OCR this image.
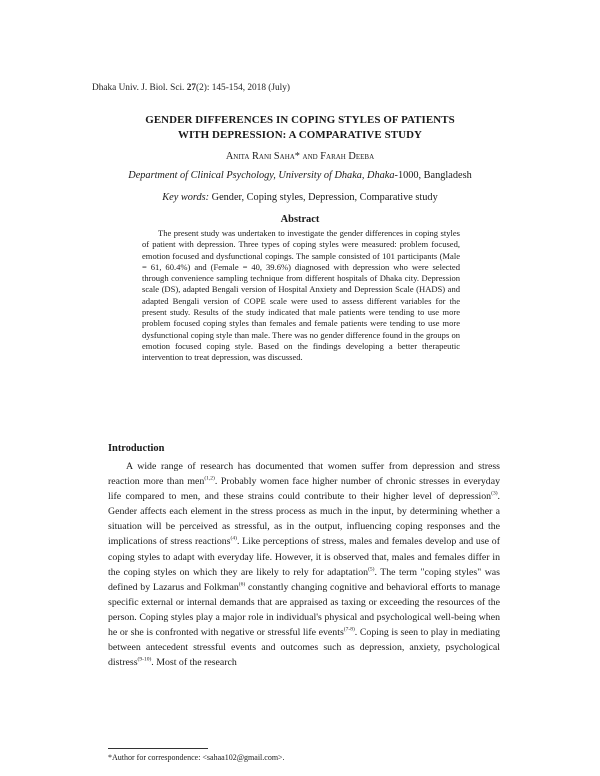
Dhaka Univ. J. Biol. Sci. 27(2): 145-154, 2018 (July)
GENDER DIFFERENCES IN COPING STYLES OF PATIENTS
WITH DEPRESSION: A COMPARATIVE STUDY
Anita Rani Saha* and Farah Deeba
Department of Clinical Psychology, University of Dhaka, Dhaka-1000, Bangladesh
Key words: Gender, Coping styles, Depression, Comparative study
Abstract

The present study was undertaken to investigate the gender differences in coping styles of patient with depression. Three types of coping styles were measured: problem focused, emotion focused and dysfunctional copings. The sample consisted of 101 participants (Male = 61, 60.4%) and (Female = 40, 39.6%) diagnosed with depression who were selected through convenience sampling technique from different hospitals of Dhaka city. Depression scale (DS), adapted Bengali version of Hospital Anxiety and Depression Scale (HADS) and adapted Bengali version of COPE scale were used to assess different variables for the present study. Results of the study indicated that male patients were tending to use more problem focused coping styles than females and female patients were tending to use more dysfunctional coping style than male. There was no gender difference found in the groups on emotion focused coping style. Based on the findings developing a better therapeutic intervention to treat depression, was discussed.

Introduction

A wide range of research has documented that women suffer from depression and stress reaction more than men$^{(1,2)}$. Probably women face higher number of chronic stresses in everyday life compared to men, and these strains could contribute to their higher level of depression$^{(3)}$. Gender affects each element in the stress process as much in the input, by determining whether a situation will be perceived as stressful, as in the output, influencing coping responses and the implications of stress reactions$^{(4)}$. Like perceptions of stress, males and females develop and use of coping styles to adapt with everyday life. However, it is observed that, males and females differ in the coping styles on which they are likely to rely for adaptation$^{(5)}$. The term "coping styles" was defined by Lazarus and Folkman$^{(6)}$ constantly changing cognitive and behavioral efforts to manage specific external or internal demands that are appraised as taxing or exceeding the resources of the person. Coping styles play a major role in individual's physical and psychological well-being when he or she is confronted with negative or stressful life events$^{(7-8)}$. Coping is seen to play in mediating between antecedent stressful events and outcomes such as depression, anxiety, psychological distress$^{(9-10)}$. Most of the research

*Author for correspondence: <sahaa102@gmail.com>.
